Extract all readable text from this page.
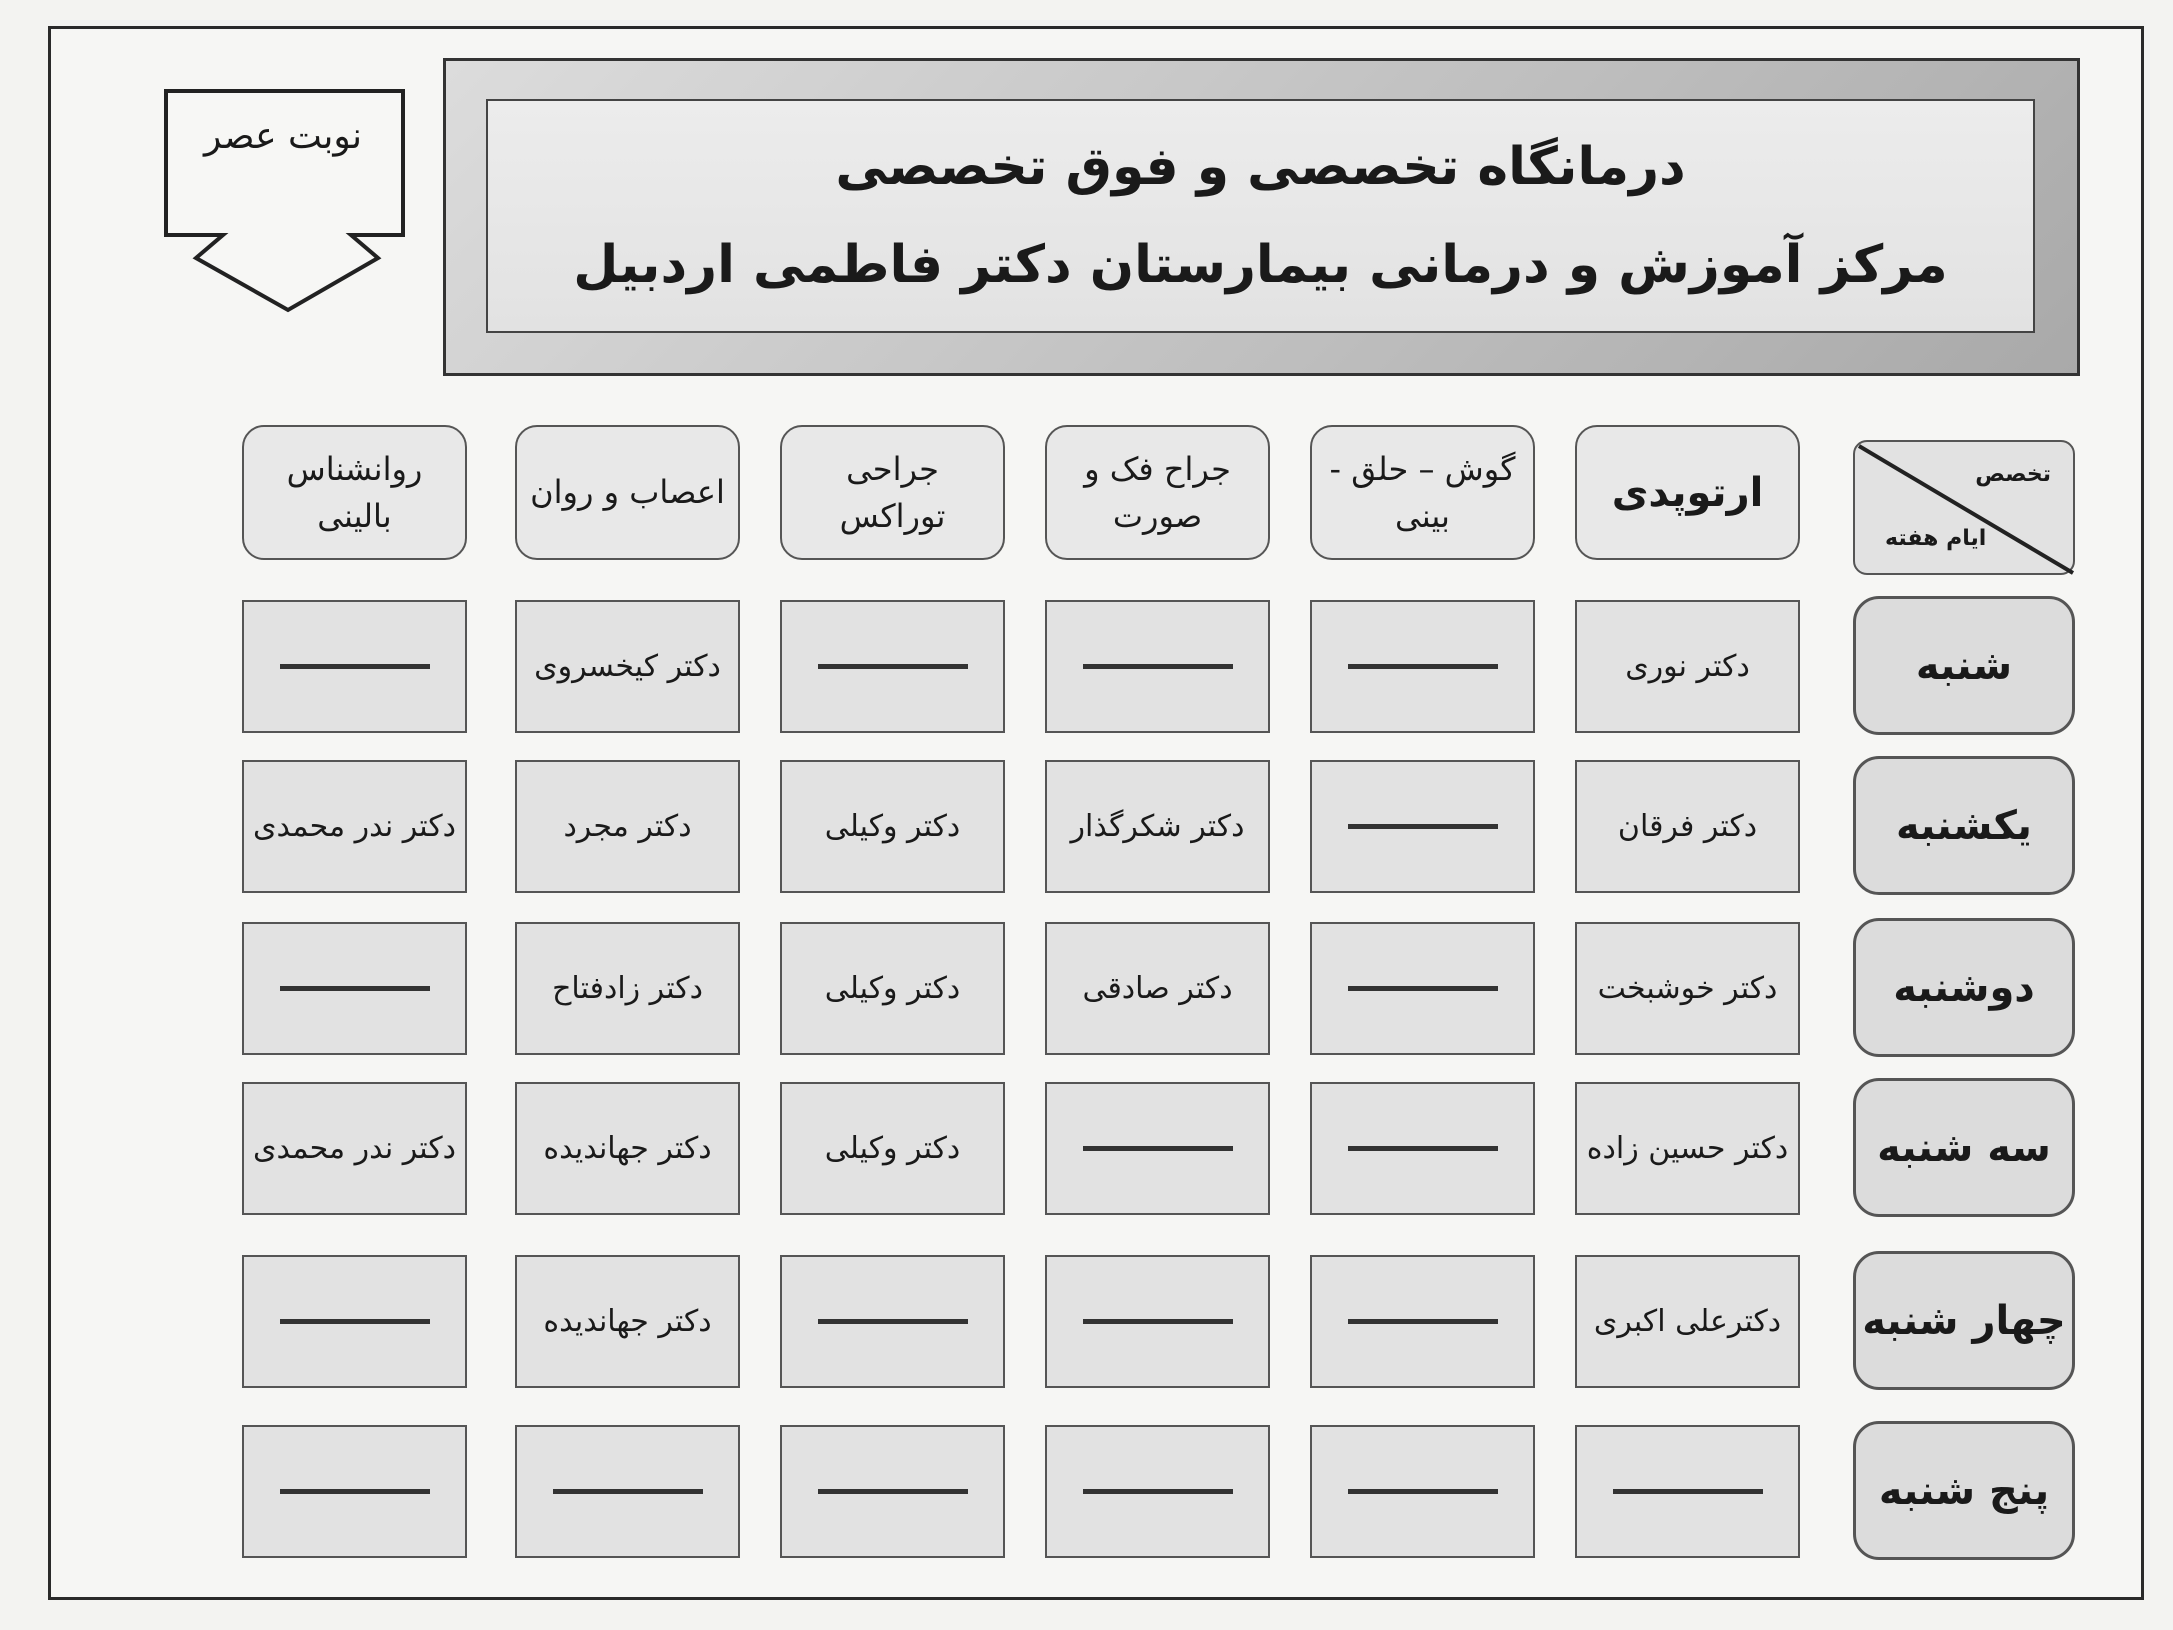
درمانگاه تخصصی و فوق تخصصی
مرکز آموزش و درمانی بیمارستان دکتر فاطمی اردبیل
نوبت عصر
تخصص
ایام هفته
ارتوپدی
گوش – حلق - بینی
جراح فک و صورت
جراحی توراکس
اعصاب و روان
روانشناس بالینی
شنبه
یکشنبه
دوشنبه
سه شنبه
چهار شنبه
پنج شنبه
دکتر نوری
دکتر کیخسروی
دکتر فرقان
دکتر شکرگذار
دکتر وکیلی
دکتر مجرد
دکتر ندر محمدی
دکتر خوشبخت
دکتر صادقی
دکتر وکیلی
دکتر زادفتاح
دکتر حسین زاده
دکتر وکیلی
دکتر جهاندیده
دکتر ندر محمدی
دکترعلی اکبری
دکتر جهاندیده
